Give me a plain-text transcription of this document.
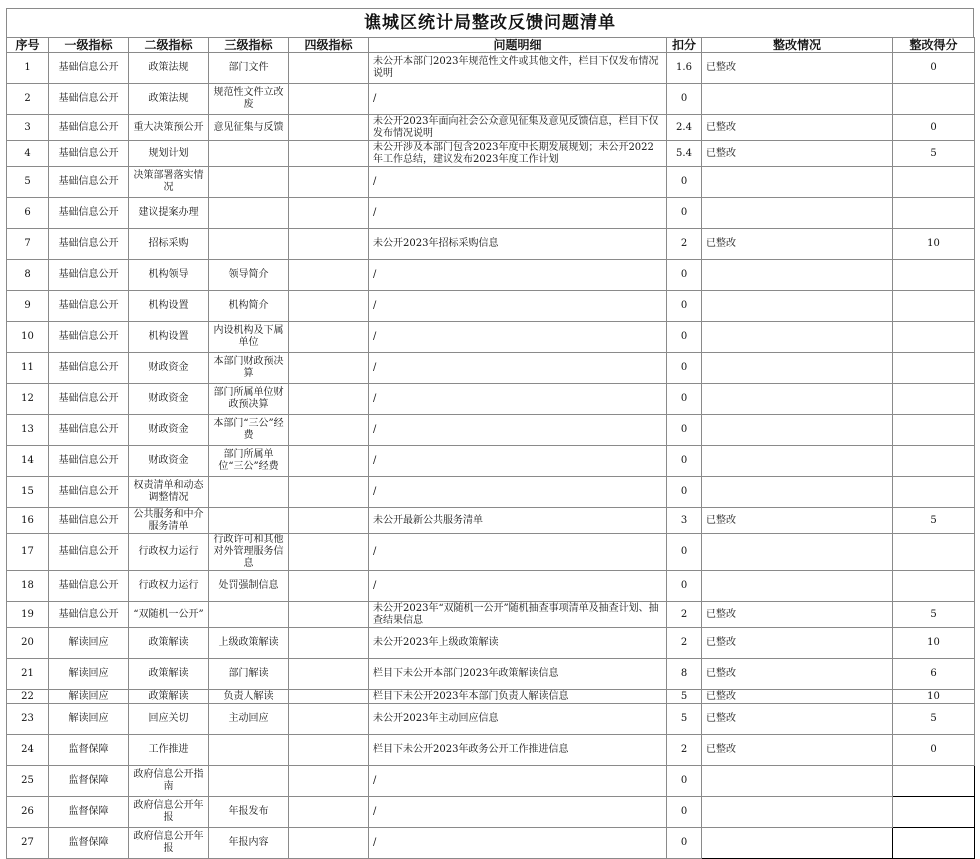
谯城区统计局整改反馈问题清单
序号	一级指标	二级指标	三级指标	四级指标	问题明细	扣分	整改情况	整改得分
1	基础信息公开	政策法规	部门文件		未公开本部门2023年规范性文件或其他文件，栏目下仅发布情况说明	1.6	已整改	0
2	基础信息公开	政策法规	规范性文件立改废		/	0		
3	基础信息公开	重大决策预公开	意见征集与反馈		未公开2023年面向社会公众意见征集及意见反馈信息，栏目下仅发布情况说明	2.4	已整改	0
4	基础信息公开	规划计划			未公开涉及本部门包含2023年度中长期发展规划；未公开2022年工作总结，建议发布2023年度工作计划	5.4	已整改	5
5	基础信息公开	决策部署落实情况			/	0		
6	基础信息公开	建议提案办理			/	0		
7	基础信息公开	招标采购			未公开2023年招标采购信息	2	已整改	10
8	基础信息公开	机构领导	领导简介		/	0		
9	基础信息公开	机构设置	机构简介		/	0		
10	基础信息公开	机构设置	内设机构及下属单位		/	0		
11	基础信息公开	财政资金	本部门财政预决算		/	0		
12	基础信息公开	财政资金	部门所属单位财政预决算		/	0		
13	基础信息公开	财政资金	本部门“三公”经费		/	0		
14	基础信息公开	财政资金	部门所属单位“三公”经费		/	0		
15	基础信息公开	权责清单和动态调整情况			/	0		
16	基础信息公开	公共服务和中介服务清单			未公开最新公共服务清单	3	已整改	5
17	基础信息公开	行政权力运行	行政许可和其他对外管理服务信息		/	0		
18	基础信息公开	行政权力运行	处罚强制信息		/	0		
19	基础信息公开	“双随机一公开”			未公开2023年“双随机一公开”随机抽查事项清单及抽查计划、抽查结果信息	2	已整改	5
20	解读回应	政策解读	上级政策解读		未公开2023年上级政策解读	2	已整改	10
21	解读回应	政策解读	部门解读		栏目下未公开本部门2023年政策解读信息	8	已整改	6
22	解读回应	政策解读	负责人解读		栏目下未公开2023年本部门负责人解读信息	5	已整改	10
23	解读回应	回应关切	主动回应		未公开2023年主动回应信息	5	已整改	5
24	监督保障	工作推进			栏目下未公开2023年政务公开工作推进信息	2	已整改	0
25	监督保障	政府信息公开指南			/	0		
26	监督保障	政府信息公开年报	年报发布		/	0		
27	监督保障	政府信息公开年报	年报内容		/	0		
